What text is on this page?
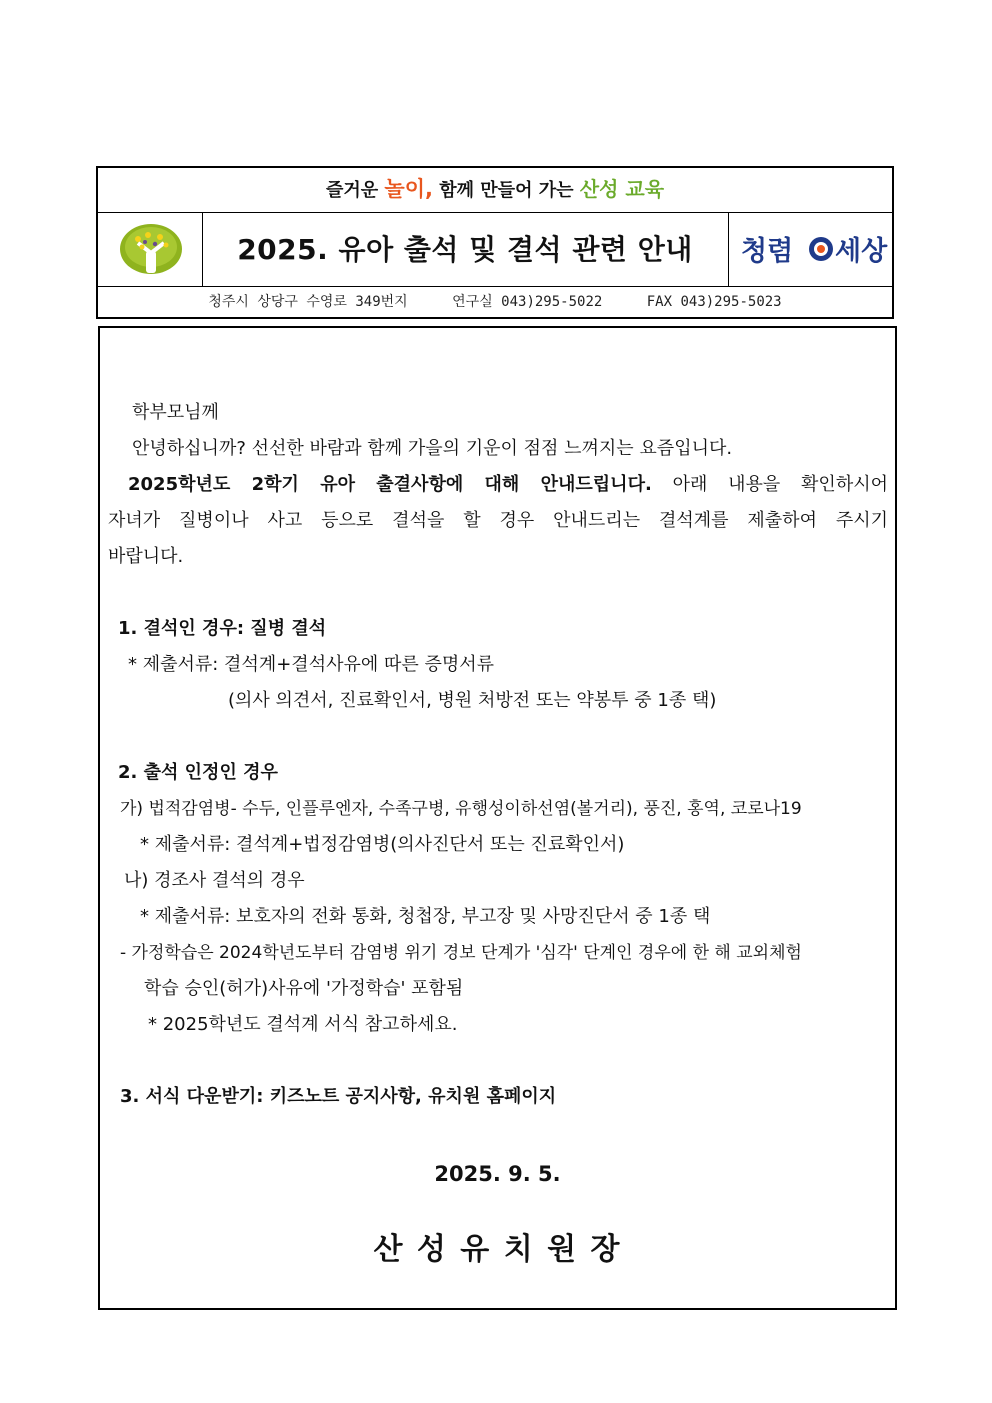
즐거운 놀이, 함께 만들어 가는 산성 교육
2025. 유아 출석 및 결석 관련 안내	청렴 세상
청주시 상당구 수영로 349번지	연구실 043)295-5022	FAX 043)295-5023
학부모님께
안녕하십니까? 선선한 바람과 함께 가을의 기운이 점점 느껴지는 요즘입니다.
2025학년도 2학기 유아 출결사항에 대해 안내드립니다. 아래 내용을 확인하시어
자녀가 질병이나 사고 등으로 결석을 할 경우 안내드리는 결석계를 제출하여 주시기
바랍니다.
1. 결석인 경우: 질병 결석
* 제출서류: 결석계+결석사유에 따른 증명서류
(의사 의견서, 진료확인서, 병원 처방전 또는 약봉투 중 1종 택)
2. 출석 인정인 경우
가) 법적감염병- 수두, 인플루엔자, 수족구병, 유행성이하선염(볼거리), 풍진, 홍역, 코로나19
* 제출서류: 결석계+법정감염병(의사진단서 또는 진료확인서)
나) 경조사 결석의 경우
* 제출서류: 보호자의 전화 통화, 청첩장, 부고장 및 사망진단서 중 1종 택
- 가정학습은 2024학년도부터 감염병 위기 경보 단계가 '심각' 단계인 경우에 한 해 교외체험
학습 승인(허가)사유에 '가정학습' 포함됨
* 2025학년도 결석계 서식 참고하세요.
3. 서식 다운받기: 키즈노트 공지사항, 유치원 홈페이지
2025. 9. 5.
산 성 유 치 원 장
